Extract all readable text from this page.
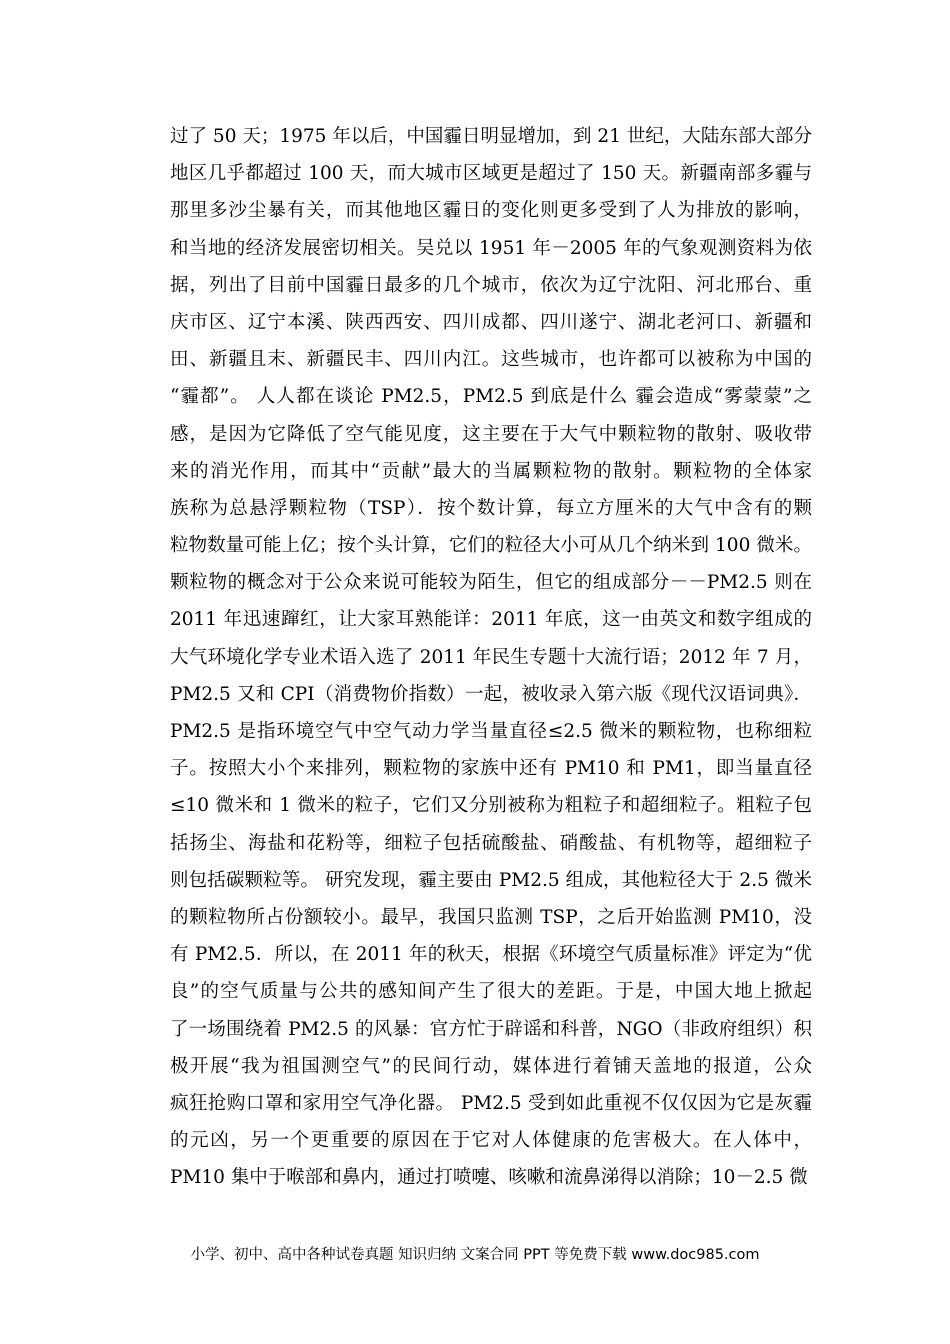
过了 50 天；1975 年以后，中国霾日明显增加，到 21 世纪，大陆东部大部分
地区几乎都超过 100 天，而大城市区域更是超过了 150 天。新疆南部多霾与
那里多沙尘暴有关，而其他地区霾日的变化则更多受到了人为排放的影响，
和当地的经济发展密切相关。吴兑以 1951 年－2005 年的气象观测资料为依
据，列出了目前中国霾日最多的几个城市，依次为辽宁沈阳、河北邢台、重
庆市区、辽宁本溪、陕西西安、四川成都、四川遂宁、湖北老河口、新疆和
田、新疆且末、新疆民丰、四川内江。这些城市，也许都可以被称为中国的
“霾都”。 人人都在谈论 PM2.5，PM2.5 到底是什么 霾会造成“雾蒙蒙”之
感，是因为它降低了空气能见度，这主要在于大气中颗粒物的散射、吸收带
来的消光作用，而其中“贡献”最大的当属颗粒物的散射。颗粒物的全体家
族称为总悬浮颗粒物（TSP）．按个数计算，每立方厘米的大气中含有的颗
粒物数量可能上亿；按个头计算，它们的粒径大小可从几个纳米到 100 微米。
颗粒物的概念对于公众来说可能较为陌生，但它的组成部分－－PM2.5 则在
2011 年迅速蹿红，让大家耳熟能详：2011 年底，这一由英文和数字组成的
大气环境化学专业术语入选了 2011 年民生专题十大流行语；2012 年 7 月，
PM2.5 又和 CPI（消费物价指数）一起，被收录入第六版《现代汉语词典》．
PM2.5 是指环境空气中空气动力学当量直径≤2.5 微米的颗粒物，也称细粒
子。按照大小个来排列，颗粒物的家族中还有 PM10 和 PM1，即当量直径
≤10 微米和 1 微米的粒子，它们又分别被称为粗粒子和超细粒子。粗粒子包
括扬尘、海盐和花粉等，细粒子包括硫酸盐、硝酸盐、有机物等，超细粒子
则包括碳颗粒等。 研究发现，霾主要由 PM2.5 组成，其他粒径大于 2.5 微米
的颗粒物所占份额较小。最早，我国只监测 TSP，之后开始监测 PM10，没
有 PM2.5．所以，在 2011 年的秋天，根据《环境空气质量标准》评定为“优
良”的空气质量与公共的感知间产生了很大的差距。于是，中国大地上掀起
了一场围绕着 PM2.5 的风暴：官方忙于辟谣和科普，NGO（非政府组织）积
极开展“我为祖国测空气”的民间行动，媒体进行着铺天盖地的报道，公众
疯狂抢购口罩和家用空气净化器。 PM2.5 受到如此重视不仅仅因为它是灰霾
的元凶，另一个更重要的原因在于它对人体健康的危害极大。在人体中，
PM10 集中于喉部和鼻内，通过打喷嚏、咳嗽和流鼻涕得以消除；10－2.5 微
小学、初中、高中各种试卷真题 知识归纳 文案合同 PPT 等免费下载 www.doc985.com
